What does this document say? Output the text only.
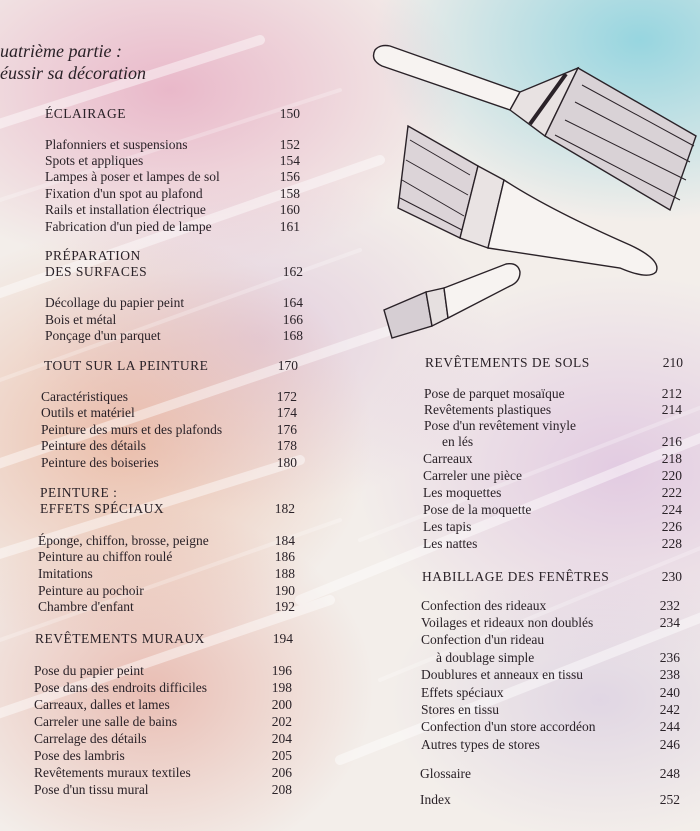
uatrième partie :
éussir sa décoration
ÉCLAIRAGE	150
Plafonniers et suspensions	152
Spots et appliques	154
Lampes à poser et lampes de sol	156
Fixation d'un spot au plafond	158
Rails et installation électrique	160
Fabrication d'un pied de lampe	161
PRÉPARATION
DES SURFACES	162
Décollage du papier peint	164
Bois et métal	166
Ponçage d'un parquet	168
TOUT SUR LA PEINTURE	170
Caractéristiques	172
Outils et matériel	174
Peinture des murs et des plafonds	176
Peinture des détails	178
Peinture des boiseries	180
PEINTURE :
EFFETS SPÉCIAUX	182
Éponge, chiffon, brosse, peigne	184
Peinture au chiffon roulé	186
Imitations	188
Peinture au pochoir	190
Chambre d'enfant	192
REVÊTEMENTS MURAUX	194
Pose du papier peint	196
Pose dans des endroits difficiles	198
Carreaux, dalles et lames	200
Carreler une salle de bains	202
Carrelage des détails	204
Pose des lambris	205
Revêtements muraux textiles	206
Pose d'un tissu mural	208
REVÊTEMENTS DE SOLS	210
Pose de parquet mosaïque	212
Revêtements plastiques	214
Pose d'un revêtement vinyle
en lés	216
Carreaux	218
Carreler une pièce	220
Les moquettes	222
Pose de la moquette	224
Les tapis	226
Les nattes	228
HABILLAGE DES FENÊTRES	230
Confection des rideaux	232
Voilages et rideaux non doublés	234
Confection d'un rideau
à doublage simple	236
Doublures et anneaux en tissu	238
Effets spéciaux	240
Stores en tissu	242
Confection d'un store accordéon	244
Autres types de stores	246
Glossaire	248
Index	252
